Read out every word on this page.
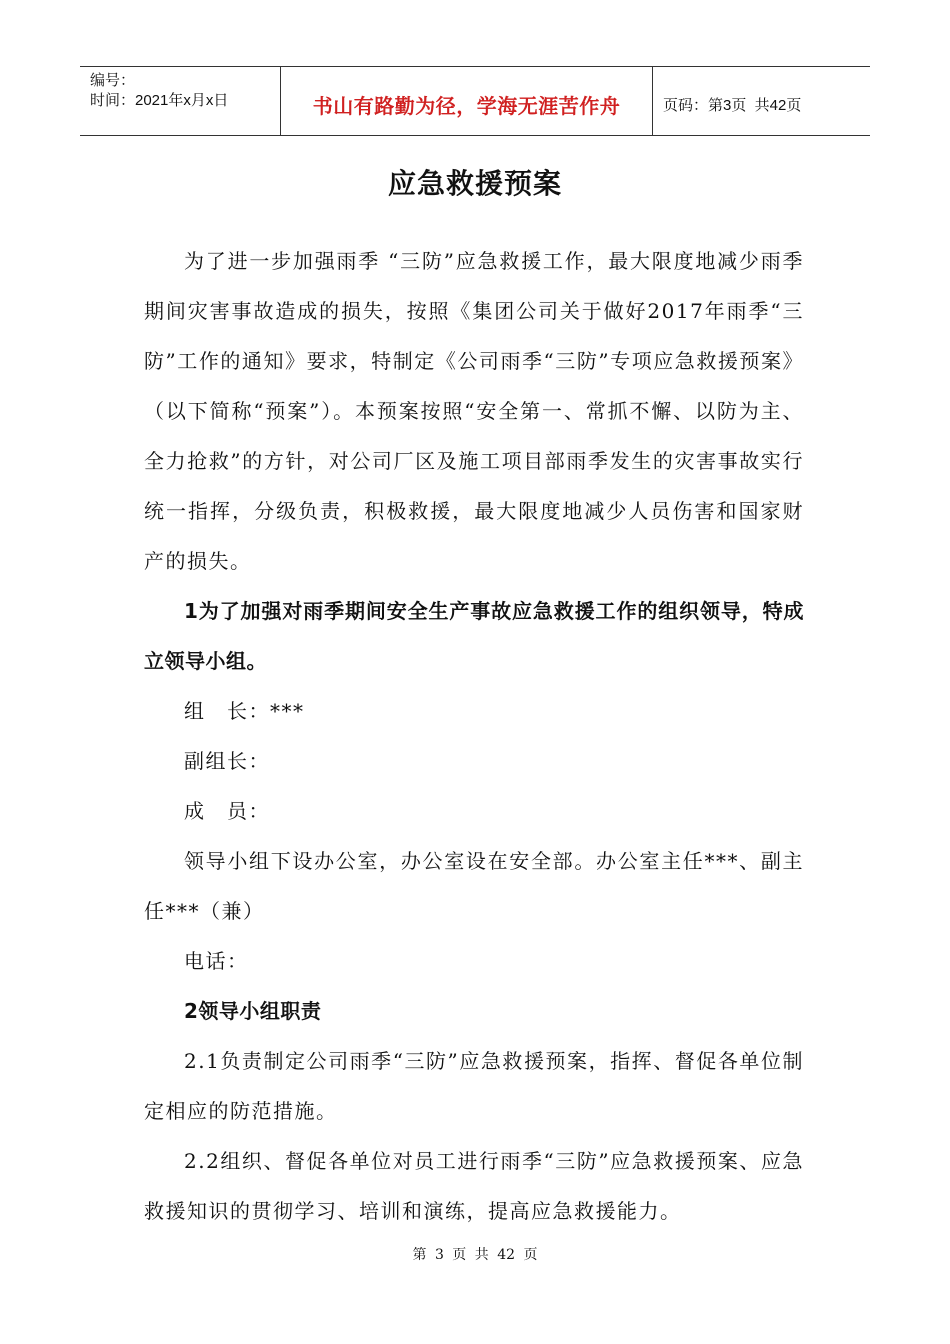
编号：
时间：2021年x月x日	书山有路勤为径，学海无涯苦作舟	页码：第3页  共42页
应急救援预案

为了进一步加强雨季 “三防”应急救援工作，最大限度地减少雨季期间灾害事故造成的损失，按照《集团公司关于做好2017年雨季“三防”工作的通知》要求，特制定《公司雨季“三防”专项应急救援预案》（以下简称“预案”）。本预案按照“安全第一、常抓不懈、以防为主、全力抢救”的方针，对公司厂区及施工项目部雨季发生的灾害事故实行统一指挥，分级负责，积极救援，最大限度地减少人员伤害和国家财产的损失。

1为了加强对雨季期间安全生产事故应急救援工作的组织领导，特成立领导小组。

组　长：***

副组长：

成　员：

领导小组下设办公室，办公室设在安全部。办公室主任***、副主任***（兼）

电话：

2领导小组职责

2.1负责制定公司雨季“三防”应急救援预案，指挥、督促各单位制定相应的防范措施。

2.2组织、督促各单位对员工进行雨季“三防”应急救援预案、应急救援知识的贯彻学习、培训和演练，提高应急救援能力。

第 3 页 共 42 页
